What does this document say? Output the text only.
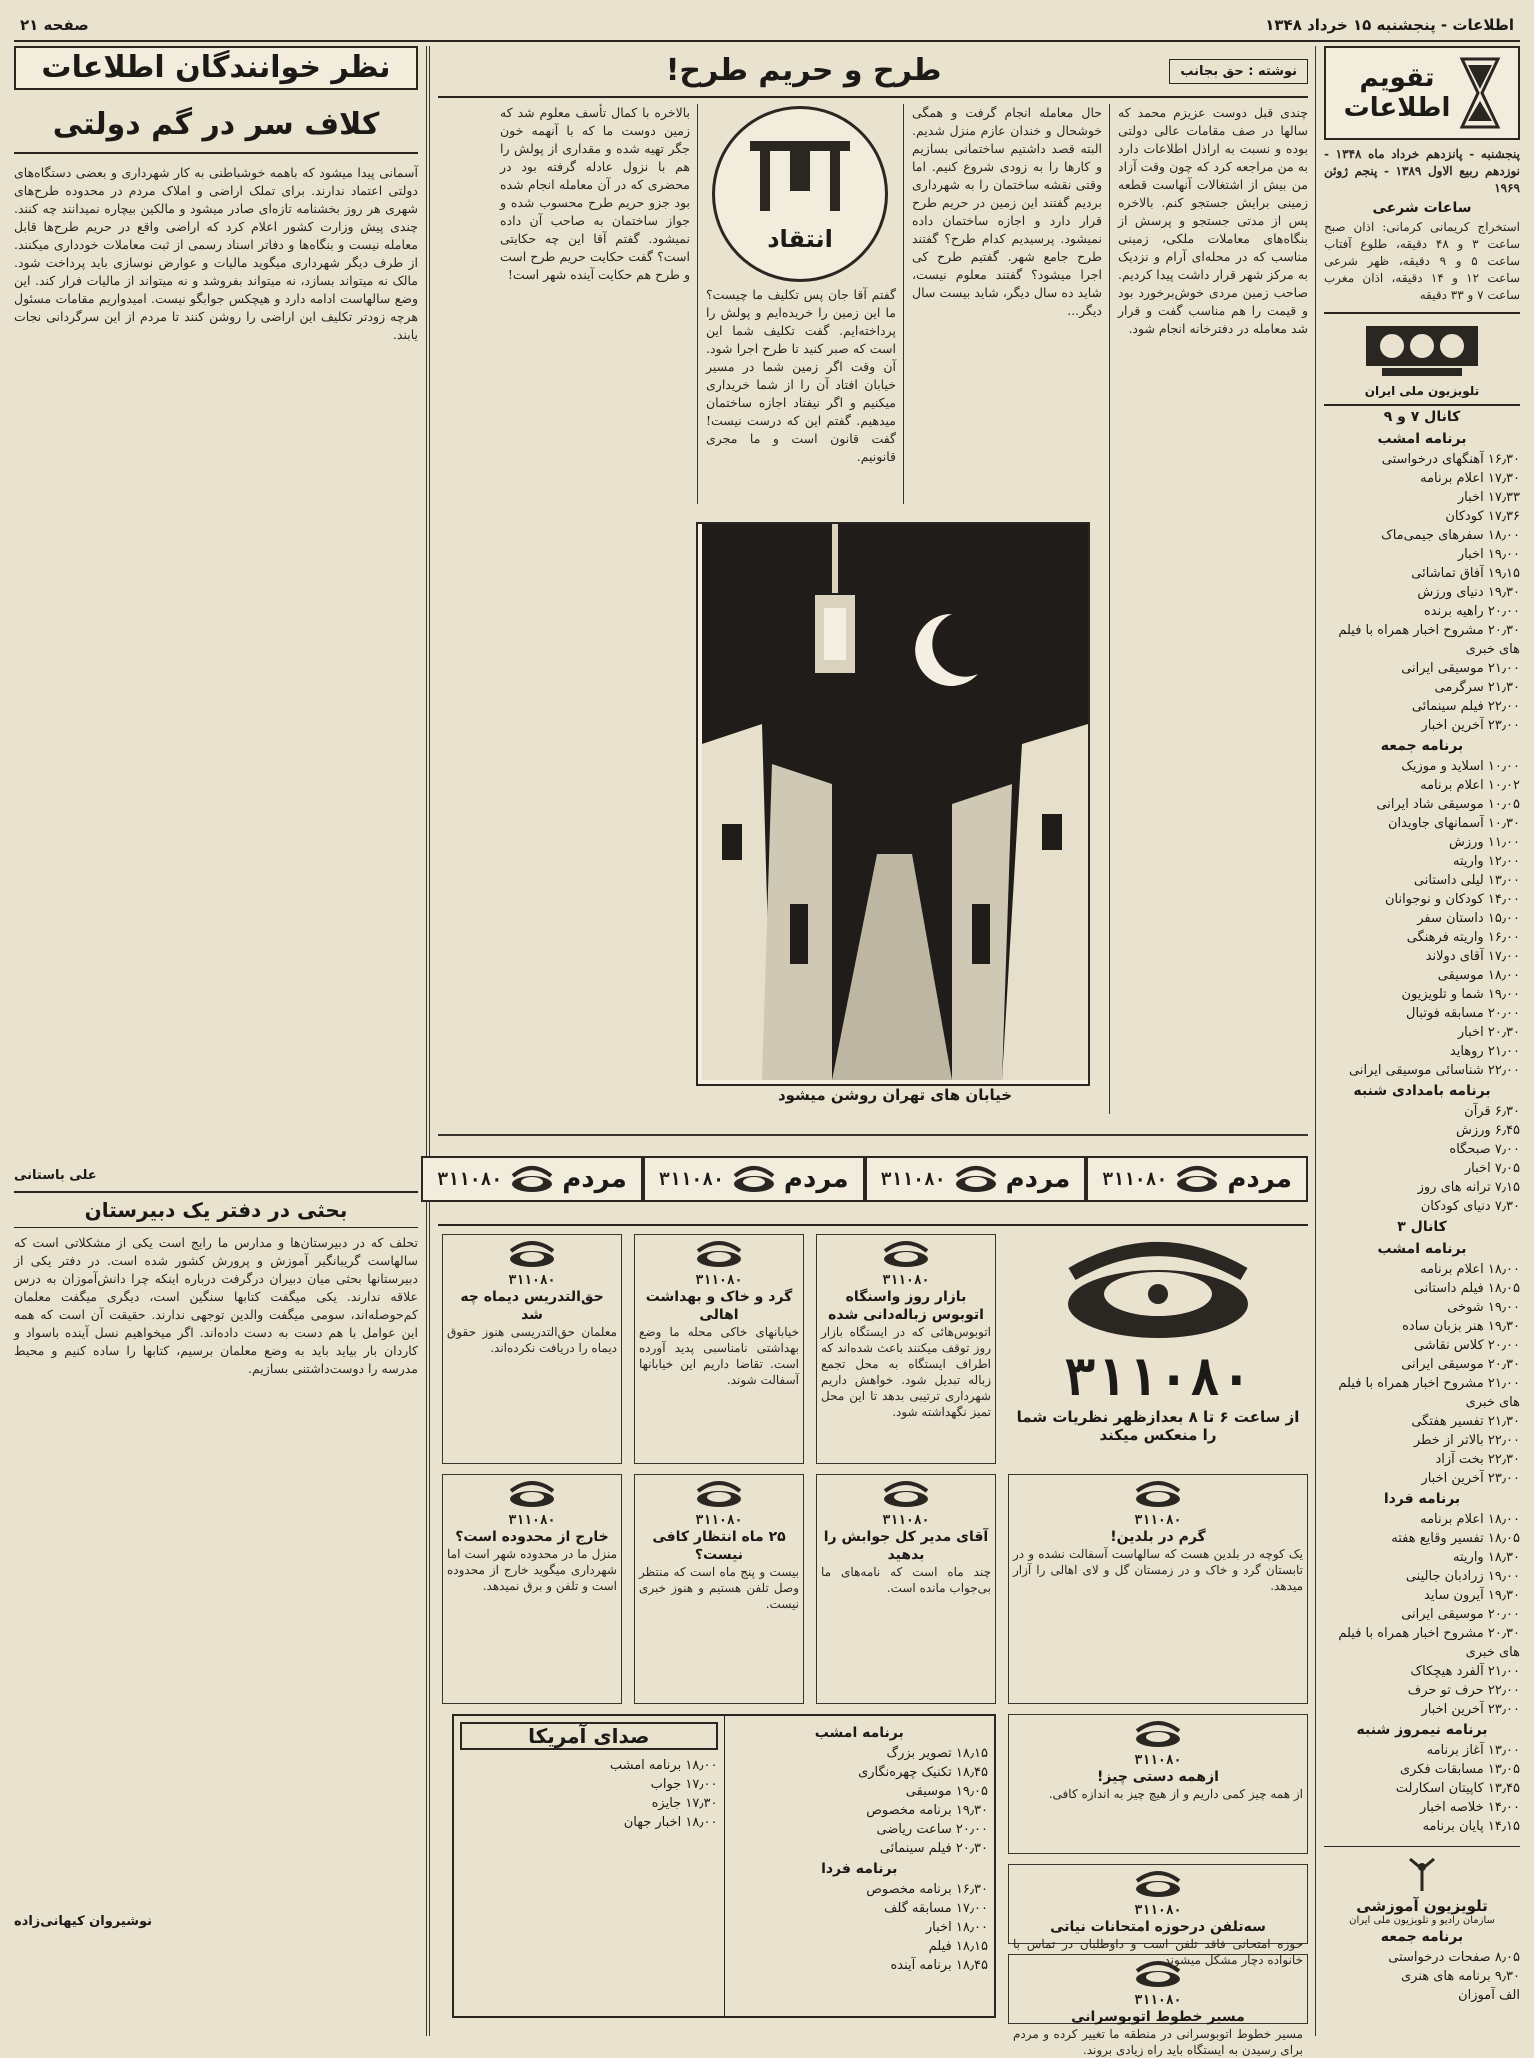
صفحه ۲۱	اطلاعات - پنجشنبه ۱۵ خرداد ۱۳۴۸
تقویم اطلاعات
پنجشنبه - پانزدهم خرداد ماه ۱۳۴۸ - نوزدهم ربیع الاول ۱۳۸۹ - پنجم ژوئن ۱۹۶۹
ساعات شرعی
استخراج کریمانی کرمانی: اذان صبح ساعت ۳ و ۴۸ دقیقه، طلوع آفتاب ساعت ۵ و ۹ دقیقه، ظهر شرعی ساعت ۱۲ و ۱۴ دقیقه، اذان مغرب ساعت ۷ و ۳۳ دقیقه
تلویزیون ملی ایران
کانال ۷ و ۹
برنامه امشب
۱۶٫۳۰ آهنگهای درخواستی
۱۷٫۳۰ اعلام برنامه
۱۷٫۳۳ اخبار
۱۷٫۳۶ کودکان
۱۸٫۰۰ سفرهای جیمی‌ماک
۱۹٫۰۰ اخبار
۱۹٫۱۵ آفاق تماشائی
۱۹٫۳۰ دنیای ورزش
۲۰٫۰۰ راهیه برنده
۲۰٫۳۰ مشروح اخبار همراه با فیلم های خبری
۲۱٫۰۰ موسیقی ایرانی
۲۱٫۳۰ سرگرمی
۲۲٫۰۰ فیلم سینمائی
۲۳٫۰۰ آخرین اخبار
برنامه جمعه
۱۰٫۰۰ اسلاید و موزیک
۱۰٫۰۲ اعلام برنامه
۱۰٫۰۵ موسیقی شاد ایرانی
۱۰٫۳۰ آسمانهای جاویدان
۱۱٫۰۰ ورزش
۱۲٫۰۰ واریته
۱۳٫۰۰ لیلی داستانی
۱۴٫۰۰ کودکان و نوجوانان
۱۵٫۰۰ داستان سفر
۱۶٫۰۰ واریته فرهنگی
۱۷٫۰۰ آقای دولاند
۱۸٫۰۰ موسیقی
۱۹٫۰۰ شما و تلویزیون
۲۰٫۰۰ مسابقه فوتبال
۲۰٫۳۰ اخبار
۲۱٫۰۰ روهاید
۲۲٫۰۰ شناسائی موسیقی ایرانی
برنامه بامدادی شنبه
۶٫۳۰ قرآن
۶٫۴۵ ورزش
۷٫۰۰ صبحگاه
۷٫۰۵ اخبار
۷٫۱۵ ترانه های روز
۷٫۳۰ دنیای کودکان
کانال ۳
برنامه امشب
۱۸٫۰۰ اعلام برنامه
۱۸٫۰۵ فیلم داستانی
۱۹٫۰۰ شوخی
۱۹٫۳۰ هنر بزبان ساده
۲۰٫۰۰ کلاس نقاشی
۲۰٫۳۰ موسیقی ایرانی
۲۱٫۰۰ مشروح اخبار همراه با فیلم های خبری
۲۱٫۳۰ تفسیر هفتگی
۲۲٫۰۰ بالاتر از خطر
۲۲٫۳۰ بخت آزاد
۲۳٫۰۰ آخرین اخبار
برنامه فردا
۱۸٫۰۰ اعلام برنامه
۱۸٫۰۵ تفسیر وقایع هفته
۱۸٫۳۰ واریته
۱۹٫۰۰ زرادبان جالینی
۱۹٫۳۰ آیرون ساید
۲۰٫۰۰ موسیقی ایرانی
۲۰٫۳۰ مشروح اخبار همراه با فیلم های خبری
۲۱٫۰۰ آلفرد هیچکاک
۲۲٫۰۰ حرف تو حرف
۲۳٫۰۰ آخرین اخبار
برنامه نیمروز شنبه
۱۳٫۰۰ آغاز برنامه
۱۳٫۰۵ مسابقات فکری
۱۳٫۴۵ کاپیتان اسکارلت
۱۴٫۰۰ خلاصه اخبار
۱۴٫۱۵ پایان برنامه
تلویزیون آموزشی
سازمان رادیو و تلویزیون ملی ایران
برنامه جمعه
۸٫۰۵ صفحات درخواستی
۹٫۳۰ برنامه های هنری
الف آموزان
نوشته : حق بجانب
طرح و حریم طرح!
چندی قبل دوست عزیزم محمد که سالها در صف مقامات عالی دولتی بوده و نسبت به اراذل اطلاعات دارد به من مراجعه کرد که چون وقت آزاد من بیش از اشتغالات آنهاست قطعه زمینی برایش جستجو کنم. بالاخره پس از مدتی جستجو و پرسش از بنگاه‌های معاملات ملکی، زمینی مناسب که در محله‌ای آرام و نزدیک به مرکز شهر قرار داشت پیدا کردیم. صاحب زمین مردی خوش‌برخورد بود و قیمت را هم مناسب گفت و قرار شد معامله در دفترخانه انجام شود.
حال معامله انجام گرفت و همگی خوشحال و خندان عازم منزل شدیم. البته قصد داشتیم ساختمانی بسازیم و کارها را به زودی شروع کنیم. اما وقتی نقشه ساختمان را به شهرداری بردیم گفتند این زمین در حریم طرح قرار دارد و اجازه ساختمان داده نمیشود. پرسیدیم کدام طرح؟ گفتند طرح جامع شهر. گفتیم طرح کی اجرا میشود؟ گفتند معلوم نیست، شاید ده سال دیگر، شاید بیست سال دیگر...
انتقاد
گفتم آقا جان پس تکلیف ما چیست؟ ما این زمین را خریده‌ایم و پولش را پرداخته‌ایم. گفت تکلیف شما این است که صبر کنید تا طرح اجرا شود. آن وقت اگر زمین شما در مسیر خیابان افتاد آن را از شما خریداری میکنیم و اگر نیفتاد اجازه ساختمان میدهیم. گفتم این که درست نیست! گفت قانون است و ما مجری قانونیم.
بالاخره با کمال تأسف معلوم شد که زمین دوست ما که با آنهمه خون جگر تهیه شده و مقداری از پولش را هم با نزول عادله گرفته بود در محضری که در آن معامله انجام شده بود جزو حریم طرح محسوب شده و جواز ساختمان به صاحب آن داده نمیشود. گفتم آقا این چه حکایتی است؟ گفت حکایت حریم طرح است و طرح هم حکایت آینده شهر است!
خیابان های تهران روشن میشود
نظر خوانندگان اطلاعات
کلاف سر در گم دولتی
آسمانی پیدا میشود که باهمه خوشباطنی به کار شهرداری و بعضی دستگاه‌های دولتی اعتماد ندارند. برای تملک اراضی و املاک مردم در محدوده طرح‌های شهری هر روز بخشنامه تازه‌ای صادر میشود و مالکین بیچاره نمیدانند چه کنند. چندی پیش وزارت کشور اعلام کرد که اراضی واقع در حریم طرح‌ها قابل معامله نیست و بنگاه‌ها و دفاتر اسناد رسمی از ثبت معاملات خودداری میکنند. از طرف دیگر شهرداری میگوید مالیات و عوارض نوسازی باید پرداخت شود. مالک نه میتواند بسازد، نه میتواند بفروشد و نه میتواند از مالیات فرار کند. این وضع سالهاست ادامه دارد و هیچکس جوابگو نیست. امیدواریم مقامات مسئول هرچه زودتر تکلیف این اراضی را روشن کنند تا مردم از این سرگردانی نجات یابند.
علی باستانی
بحثی در دفتر یک دبیرستان
تحلف که در دبیرستان‌ها و مدارس ما رایج است یکی از مشکلاتی است که سالهاست گریبانگیر آموزش و پرورش کشور شده است. در دفتر یکی از دبیرستانها بحثی میان دبیران درگرفت درباره اینکه چرا دانش‌آموزان به درس علاقه ندارند. یکی میگفت کتابها سنگین است، دیگری میگفت معلمان کم‌حوصله‌اند، سومی میگفت والدین توجهی ندارند. حقیقت آن است که همه این عوامل با هم دست به دست داده‌اند. اگر میخواهیم نسل آینده باسواد و کاردان بار بیاید باید به وضع معلمان برسیم، کتابها را ساده کنیم و محیط مدرسه را دوست‌داشتنی بسازیم.
نوشیروان کیهانی‌زاده
مردم
۳۱۱۰۸۰
مردم
۳۱۱۰۸۰
مردم
۳۱۱۰۸۰
مردم
۳۱۱۰۸۰
۳۱۱۰۸۰
از ساعت ۶ تا ۸ بعدازظهر نظریات شما را منعکس میکند
۳۱۱۰۸۰
بازار روز واسنگاه اتوبوس زباله‌دانی شده
اتوبوس‌هائی که در ایستگاه بازار روز توقف میکنند باعث شده‌اند که اطراف ایستگاه به محل تجمع زباله تبدیل شود. خواهش داریم شهرداری ترتیبی بدهد تا این محل تمیز نگهداشته شود.
۳۱۱۰۸۰
گرم در بلدین!
یک کوچه در بلدین هست که سالهاست آسفالت نشده و در تابستان گرد و خاک و در زمستان گل و لای اهالی را آزار میدهد.
۳۱۱۰۸۰
آقای مدیر کل جوابش را بدهید
چند ماه است که نامه‌های ما بی‌جواب مانده است.
۳۱۱۰۸۰
گرد و خاک و بهداشت اهالی
خیابانهای خاکی محله ما وضع بهداشتی نامناسبی پدید آورده است. تقاضا داریم این خیابانها آسفالت شوند.
۳۱۱۰۸۰
۲۵ ماه انتظار کافی نیست؟
بیست و پنج ماه است که منتظر وصل تلفن هستیم و هنوز خبری نیست.
۳۱۱۰۸۰
حق‌التدریس دیماه چه شد
معلمان حق‌التدریسی هنوز حقوق دیماه را دریافت نکرده‌اند.
۳۱۱۰۸۰
خارج از محدوده است؟
منزل ما در محدوده شهر است اما شهرداری میگوید خارج از محدوده است و تلفن و برق نمیدهد.
۳۱۱۰۸۰
ازهمه دستی چیز!
از همه چیز کمی داریم و از هیچ چیز به اندازه کافی.
۳۱۱۰۸۰
سه‌تلفن درحوزه امتحانات نیاتی
حوزه امتحانی فاقد تلفن است و داوطلبان در تماس با خانواده دچار مشکل میشوند.
۳۱۱۰۸۰
مسیر خطوط اتوبوسرانی
مسیر خطوط اتوبوسرانی در منطقه ما تغییر کرده و مردم برای رسیدن به ایستگاه باید راه زیادی بروند.
برنامه امشب
۱۸٫۱۵ تصویر بزرگ
۱۸٫۴۵ تکنیک چهره‌نگاری
۱۹٫۰۵ موسیقی
۱۹٫۳۰ برنامه مخصوص
۲۰٫۰۰ ساعت ریاضی
۲۰٫۳۰ فیلم سینمائی
برنامه فردا
۱۶٫۳۰ برنامه مخصوص
۱۷٫۰۰ مسابقه گلف
۱۸٫۰۰ اخبار
۱۸٫۱۵ فیلم
۱۸٫۴۵ برنامه آینده
صدای آمریکا
۱۸٫۰۰ برنامه امشب
۱۷٫۰۰ جواب
۱۷٫۳۰ جایزه
۱۸٫۰۰ اخبار جهان
